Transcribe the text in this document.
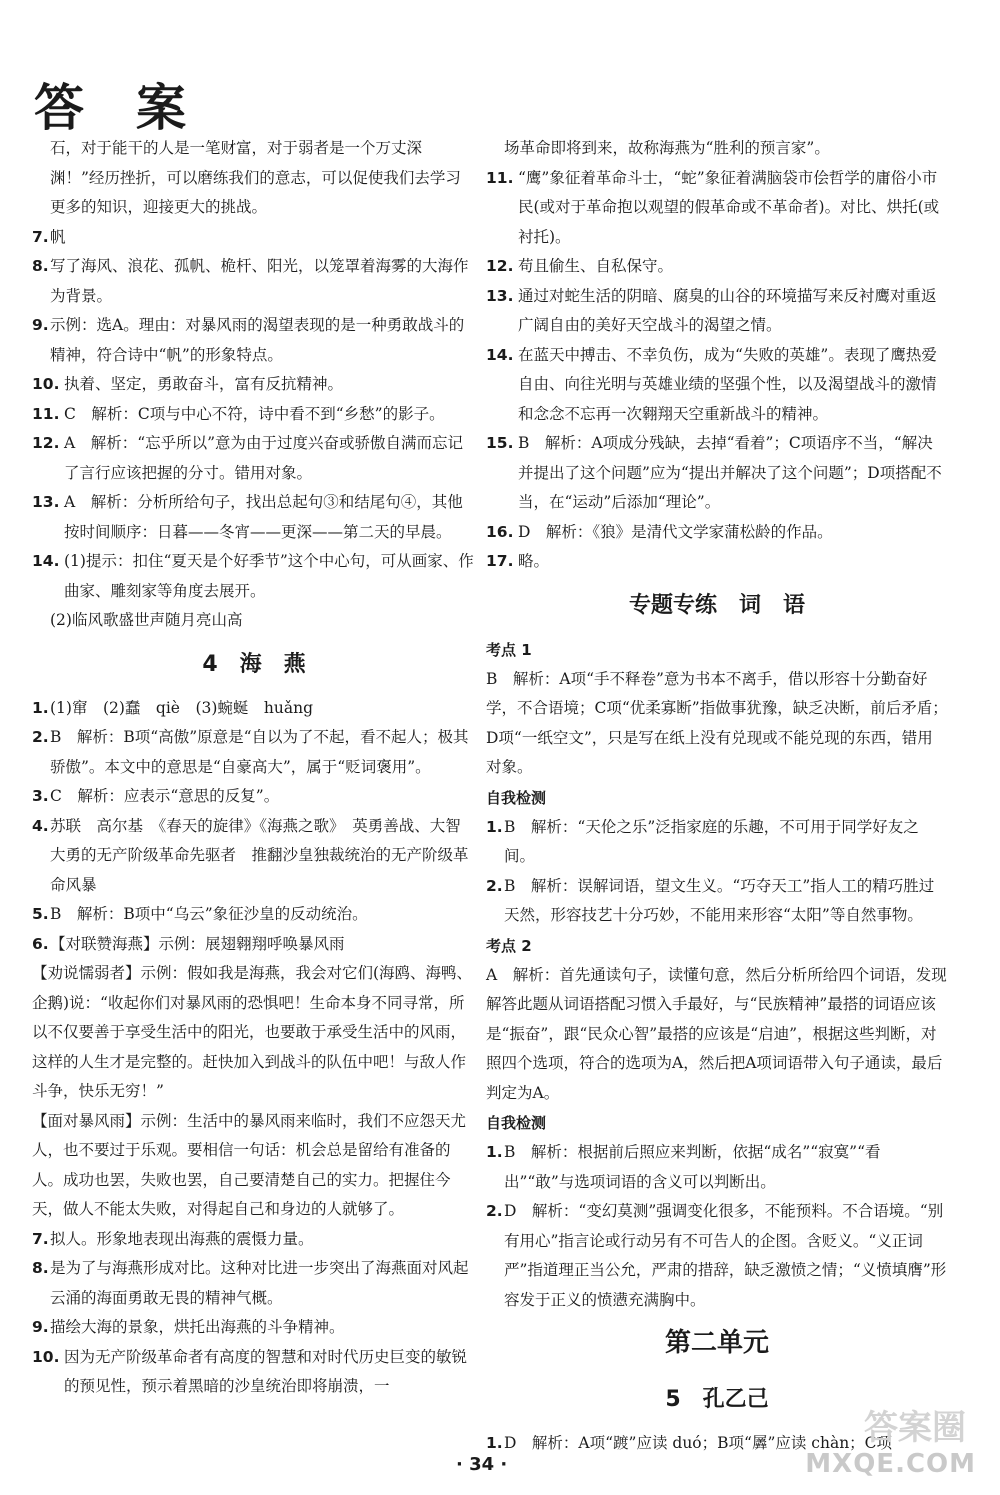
答案

石，对于能干的人是一笔财富，对于弱者是一个万丈深渊！”经历挫折，可以磨练我们的意志，可以促使我们去学习更多的知识，迎接更大的挑战。

7. 帆

8. 写了海风、浪花、孤帆、桅杆、阳光，以笼罩着海雾的大海作为背景。

9. 示例：选A。理由：对暴风雨的渴望表现的是一种勇敢战斗的精神，符合诗中“帆”的形象特点。

10. 执着、坚定，勇敢奋斗，富有反抗精神。

11. C　解析：C项与中心不符，诗中看不到“乡愁”的影子。

12. A　解析：“忘乎所以”意为由于过度兴奋或骄傲自满而忘记了言行应该把握的分寸。错用对象。

13. A　解析：分析所给句子，找出总起句③和结尾句④，其他按时间顺序：日暮——冬宵——更深——第二天的早晨。

14. (1)提示：扣住“夏天是个好季节”这个中心句，可从画家、作曲家、雕刻家等角度去展开。

(2)临风歌盛世声随月亮山高

4　海　燕

1. (1)窜　(2)蠢　qiè　(3)蜿蜒　huǎng

2. B　解析：B项“高傲”原意是“自以为了不起，看不起人；极其骄傲”。本文中的意思是“自豪高大”，属于“贬词褒用”。

3. C　解析：应表示“意思的反复”。

4. 苏联　高尔基　《春天的旋律》《海燕之歌》　英勇善战、大智大勇的无产阶级革命先驱者　推翻沙皇独裁统治的无产阶级革命风暴

5. B　解析：B项中“乌云”象征沙皇的反动统治。

6. 【对联赞海燕】示例：展翅翱翔呼唤暴风雨

【劝说懦弱者】示例：假如我是海燕，我会对它们(海鸥、海鸭、企鹅)说：“收起你们对暴风雨的恐惧吧！生命本身不同寻常，所以不仅要善于享受生活中的阳光，也要敢于承受生活中的风雨，这样的人生才是完整的。赶快加入到战斗的队伍中吧！与敌人作斗争，快乐无穷！”

【面对暴风雨】示例：生活中的暴风雨来临时，我们不应怨天尤人，也不要过于乐观。要相信一句话：机会总是留给有准备的人。成功也罢，失败也罢，自己要清楚自己的实力。把握住今天，做人不能太失败，对得起自己和身边的人就够了。

7. 拟人。形象地表现出海燕的震慑力量。

8. 是为了与海燕形成对比。这种对比进一步突出了海燕面对风起云涌的海面勇敢无畏的精神气概。

9. 描绘大海的景象，烘托出海燕的斗争精神。

10. 因为无产阶级革命者有高度的智慧和对时代历史巨变的敏锐的预见性，预示着黑暗的沙皇统治即将崩溃，一

场革命即将到来，故称海燕为“胜利的预言家”。

11. “鹰”象征着革命斗士，“蛇”象征着满脑袋市侩哲学的庸俗小市民(或对于革命抱以观望的假革命或不革命者)。对比、烘托(或衬托)。

12. 苟且偷生、自私保守。

13. 通过对蛇生活的阴暗、腐臭的山谷的环境描写来反衬鹰对重返广阔自由的美好天空战斗的渴望之情。

14. 在蓝天中搏击、不幸负伤，成为“失败的英雄”。表现了鹰热爱自由、向往光明与英雄业绩的坚强个性，以及渴望战斗的激情和念念不忘再一次翱翔天空重新战斗的精神。

15. B　解析：A项成分残缺，去掉“看着”；C项语序不当，“解决并提出了这个问题”应为“提出并解决了这个问题”；D项搭配不当，在“运动”后添加“理论”。

16. D　解析：《狼》是清代文学家蒲松龄的作品。

17. 略。

专题专练　词　语

考点 1

B　解析：A项“手不释卷”意为书本不离手，借以形容十分勤奋好学，不合语境；C项“优柔寡断”指做事犹豫，缺乏决断，前后矛盾；D项“一纸空文”，只是写在纸上没有兑现或不能兑现的东西，错用对象。

自我检测

1. B　解析：“天伦之乐”泛指家庭的乐趣，不可用于同学好友之间。

2. B　解析：误解词语，望文生义。“巧夺天工”指人工的精巧胜过天然，形容技艺十分巧妙，不能用来形容“太阳”等自然事物。

考点 2

A　解析：首先通读句子，读懂句意，然后分析所给四个词语，发现解答此题从词语搭配习惯入手最好，与“民族精神”最搭的词语应该是“振奋”，跟“民众心智”最搭的应该是“启迪”，根据这些判断，对照四个选项，符合的选项为A，然后把A项词语带入句子通读，最后判定为A。

自我检测

1. B　解析：根据前后照应来判断，依据“成名”“寂寞”“看出”“敢”与选项词语的含义可以判断出。

2. D　解析：“变幻莫测”强调变化很多，不能预料。不合语境。“别有用心”指言论或行动另有不可告人的企图。含贬义。“义正词严”指道理正当公允，严肃的措辞，缺乏激愤之情；“义愤填膺”形容发于正义的愤懑充满胸中。

第二单元

5　孔乙己

1. D　解析：A项“踱”应读 duó；B项“羼”应读 chàn；C项

· 34 ·
答案圈
MXQE.COM
